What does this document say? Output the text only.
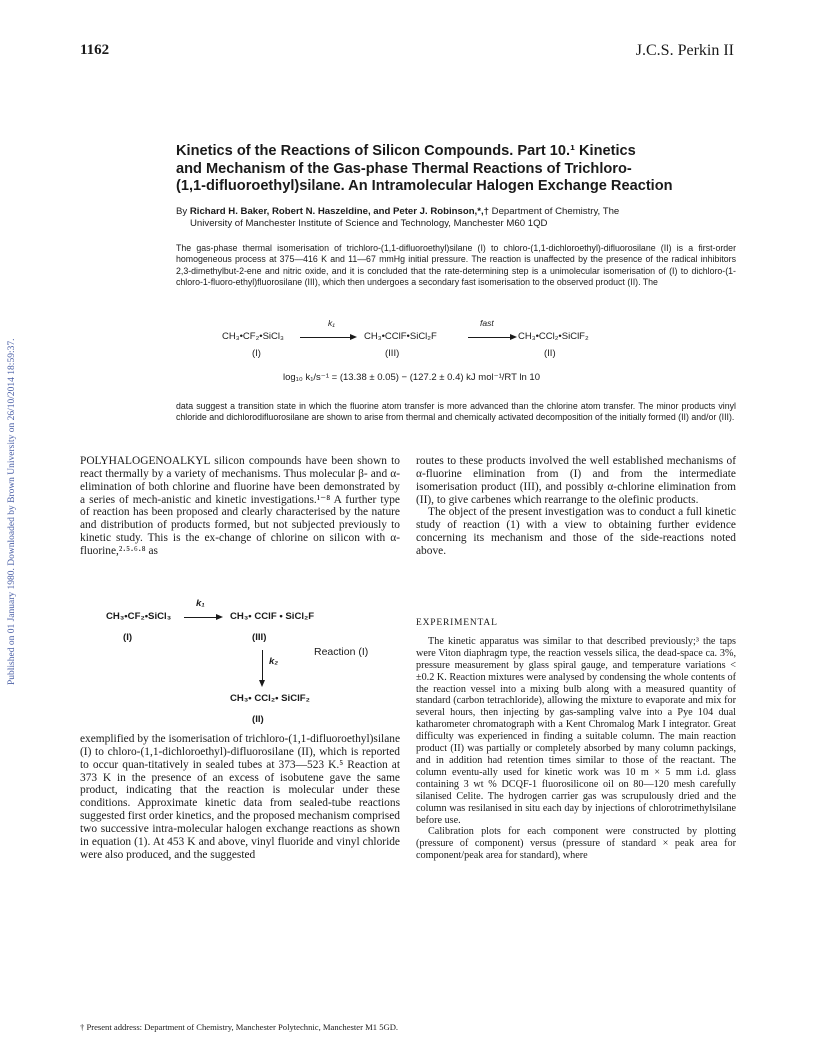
Published on 01 January 1980. Downloaded by Brown University on 26/10/2014 18:59:37.
1162	J.C.S. Perkin II
Kinetics of the Reactions of Silicon Compounds. Part 10.¹ Kinetics
and Mechanism of the Gas-phase Thermal Reactions of Trichloro-
(1,1-difluoroethyl)silane. An Intramolecular Halogen Exchange Reaction
By Richard H. Baker, Robert N. Haszeldine, and Peter J. Robinson,*,† Department of Chemistry, The
University of Manchester Institute of Science and Technology, Manchester M60 1QD
The gas-phase thermal isomerisation of trichloro-(1,1-difluoroethyl)silane (I) to chloro-(1,1-dichloroethyl)-difluorosilane (II) is a first-order homogeneous process at 375—416 K and 11—67 mmHg initial pressure. The reaction is unaffected by the presence of the radical inhibitors 2,3-dimethylbut-2-ene and nitric oxide, and it is concluded that the rate-determining step is a unimolecular isomerisation of (I) to dichloro-(1-chloro-1-fluoro-ethyl)fluorosilane (III), which then undergoes a secondary fast isomerisation to the observed product (II). The
CH₃•CF₂•SiCl₃
k₁
CH₃•CClF•SiCl₂F
fast
CH₃•CCl₂•SiClF₂
(I)	(III)	(II)
log₁₀ k₁/s⁻¹ = (13.38 ± 0.05) − (127.2 ± 0.4) kJ mol⁻¹/RT ln 10
data suggest a transition state in which the fluorine atom transfer is more advanced than the chlorine atom transfer. The minor products vinyl chloride and dichlorodifluorosilane are shown to arise from thermal and chemically activated decomposition of the initially formed (II) and/or (III).
POLYHALOGENOALKYL silicon compounds have been shown to react thermally by a variety of mechanisms. Thus molecular β- and α-elimination of both chlorine and fluorine have been demonstrated by a series of mech-anistic and kinetic investigations.¹⁻⁸ A further type of reaction has been proposed and clearly characterised by the nature and distribution of products formed, but not subjected previously to kinetic study. This is the ex-change of chlorine on silicon with α-fluorine,²·⁵·⁶·⁸ as
CH₃•CF₂•SiCl₃
k₁
CH₃• CClF • SiCl₂F
(I)	(III)
Reaction (I)
k₂
CH₃• CCl₂• SiClF₂
(II)
exemplified by the isomerisation of trichloro-(1,1-difluoroethyl)silane (I) to chloro-(1,1-dichloroethyl)-difluorosilane (II), which is reported to occur quan-titatively in sealed tubes at 373—523 K.⁵ Reaction at 373 K in the presence of an excess of isobutene gave the same product, indicating that the reaction is molecular under these conditions. Approximate kinetic data from sealed-tube reactions suggested first order kinetics, and the proposed mechanism comprised two successive intra-molecular halogen exchange reactions as shown in equation (1). At 453 K and above, vinyl fluoride and vinyl chloride were also produced, and the suggested
† Present address: Department of Chemistry, Manchester Polytechnic, Manchester M1 5GD.
routes to these products involved the well established mechanisms of α-fluorine elimination from (I) and from the intermediate isomerisation product (III), and possibly α-chlorine elimination from (II), to give carbenes which rearrange to the olefinic products.
The object of the present investigation was to conduct a full kinetic study of reaction (1) with a view to obtaining further evidence concerning its mechanism and those of the side-reactions noted above.
EXPERIMENTAL
The kinetic apparatus was similar to that described previously;³ the taps were Viton diaphragm type, the reaction vessels silica, the dead-space ca. 3%, pressure measurement by glass spiral gauge, and temperature variations < ±0.2 K. Reaction mixtures were analysed by condensing the whole contents of the reaction vessel into a mixing bulb along with a measured quantity of standard (carbon tetrachloride), allowing the mixture to evaporate and mix for several hours, then injecting by gas-sampling valve into a Pye 104 dual katharometer chromatograph with a Kent Chromalog Mark I integrator. Great difficulty was experienced in finding a suitable column. The main reaction product (II) was partially or completely absorbed by many column packings, and in addition had retention times similar to those of the reactant. The column eventu-ally used for kinetic work was 10 m × 5 mm i.d. glass containing 3 wt % DCQF-1 fluorosilicone oil on 80—120 mesh carefully silanised Celite. The hydrogen carrier gas was scrupulously dried and the column was resilanised in situ each day by injections of chlorotrimethylsilane before use.
Calibration plots for each component were constructed by plotting (pressure of component) versus (pressure of standard × peak area for component/peak area for standard), where
